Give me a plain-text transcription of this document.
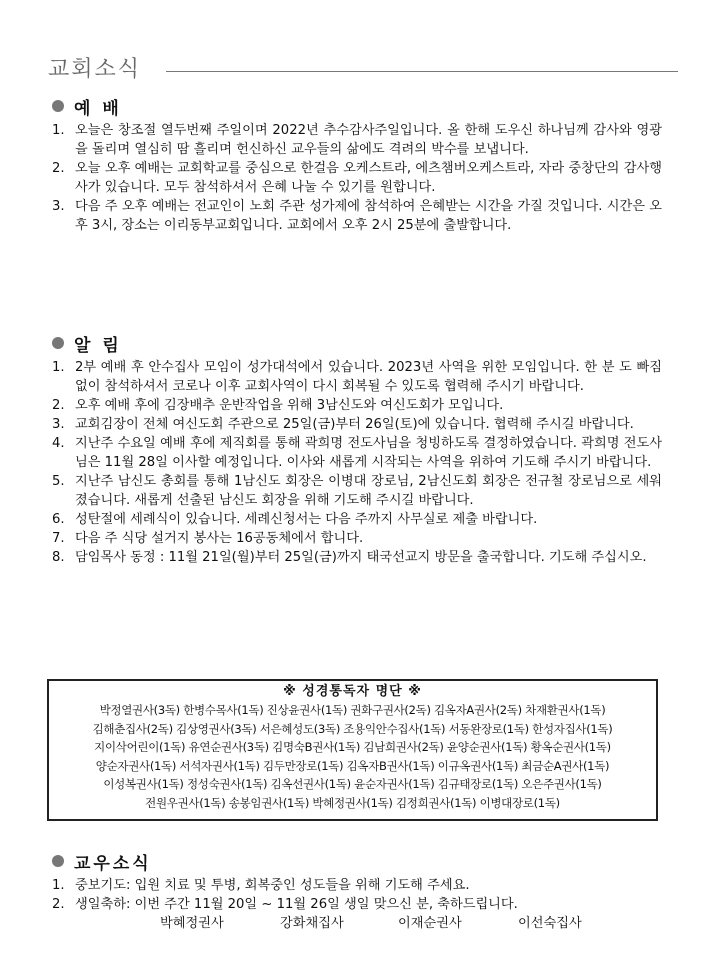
교회소식
예 배
1. 오늘은 창조절 열두번째 주일이며 2022년 추수감사주일입니다. 올 한해 도우신 하나님께 감사와 영광을 돌리며 열심히 땀 흘리며 헌신하신 교우들의 삶에도 격려의 박수를 보냅니다.
2. 오늘 오후 예배는 교회학교를 중심으로 한걸음 오케스트라, 에츠챔버오케스트라, 자라 중창단의 감사행사가 있습니다. 모두 참석하셔서 은혜 나눌 수 있기를 원합니다.
3. 다음 주 오후 예배는 전교인이 노회 주관 성가제에 참석하여 은혜받는 시간을 가질 것입니다. 시간은 오후 3시, 장소는 이리동부교회입니다. 교회에서 오후 2시 25분에 출발합니다.
알 림
1. 2부 예배 후 안수집사 모임이 성가대석에서 있습니다. 2023년 사역을 위한 모임입니다. 한 분 도 빠짐없이 참석하셔서 코로나 이후 교회사역이 다시 회복될 수 있도록 협력해 주시기 바랍니다.
2. 오후 예배 후에 김장배추 운반작업을 위해 3남신도와 여신도회가 모입니다.
3. 교회김장이 전체 여신도회 주관으로 25일(금)부터 26일(토)에 있습니다. 협력해 주시길 바랍니다.
4. 지난주 수요일 예배 후에 제직회를 통해 곽희명 전도사님을 청빙하도록 결정하였습니다. 곽희명 전도사님은 11월 28일 이사할 예정입니다. 이사와 새롭게 시작되는 사역을 위하여 기도해 주시기 바랍니다.
5. 지난주 남신도 총회를 통해 1남신도 회장은 이병대 장로님, 2남신도회 회장은 전규철 장로님으로 세워졌습니다. 새롭게 선출된 남신도 회장을 위해 기도해 주시길 바랍니다.
6. 성탄절에 세례식이 있습니다. 세례신청서는 다음 주까지 사무실로 제출 바랍니다.
7. 다음 주 식당 설거지 봉사는 16공동체에서 합니다.
8. 담임목사 동정 : 11월 21일(월)부터 25일(금)까지 태국선교지 방문을 출국합니다. 기도해 주십시오.
※ 성경통독자 명단 ※
박정열권사(3독) 한병수목사(1독) 진상윤권사(1독) 권화구권사(2독) 김옥자A권사(2독) 차재환권사(1독)
김해춘집사(2독) 김상영권사(3독) 서은혜성도(3독) 조용익안수집사(1독) 서동완장로(1독) 한성자집사(1독)
지이삭어린이(1독) 유연순권사(3독) 김명숙B권사(1독) 김남희권사(2독) 윤양순권사(1독) 황옥순권사(1독)
양순자권사(1독) 서석자권사(1독) 김두만장로(1독) 김옥자B권사(1독) 이규옥권사(1독) 최금순A권사(1독)
이성복권사(1독) 정성숙권사(1독) 김옥선권사(1독) 윤순자권사(1독) 김규태장로(1독) 오은주권사(1독)
전원우권사(1독) 송봉임권사(1독) 박혜정권사(1독) 김정희권사(1독) 이병대장로(1독)
교우소식
1. 중보기도: 입원 치료 및 투병, 회복중인 성도들을 위해 기도해 주세요.
2. 생일축하: 이번 주간 11월 20일 ~ 11월 26일 생일 맞으신 분, 축하드립니다.
박혜정권사	강화채집사	이재순권사	이선숙집사
